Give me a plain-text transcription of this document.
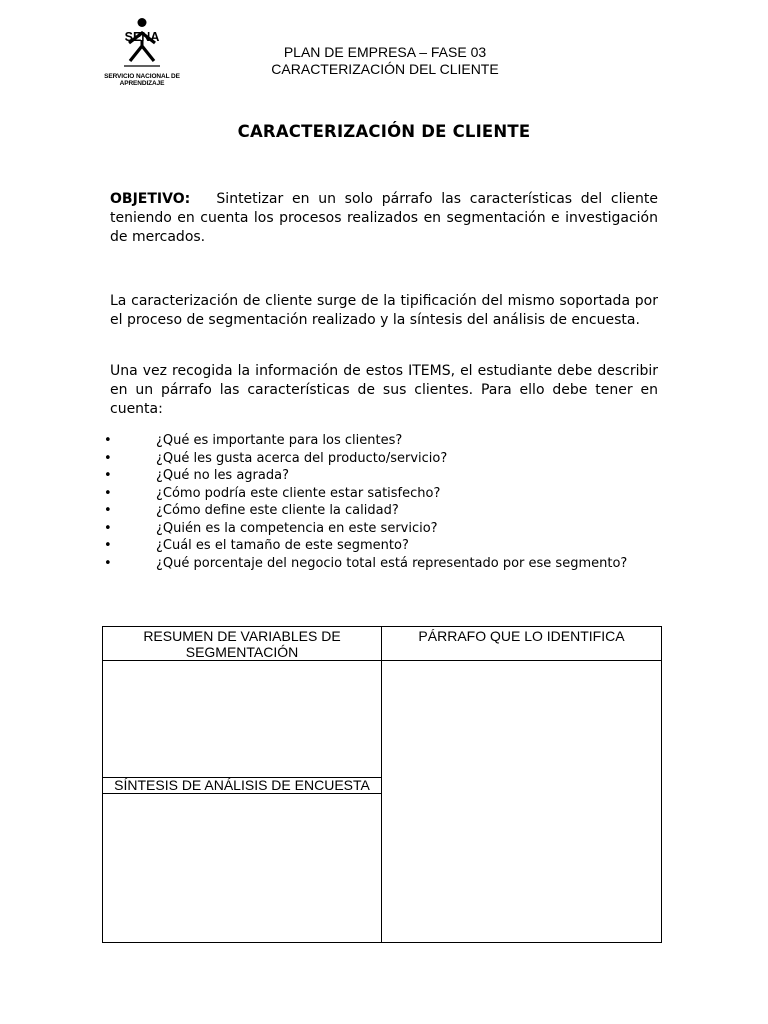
SENA
SERVICIO NACIONAL DE APRENDIZAJE
PLAN DE EMPRESA – FASE 03
CARACTERIZACIÓN DEL CLIENTE
CARACTERIZACIÓN DE CLIENTE

OBJETIVO: Sintetizar en un solo párrafo las características del cliente teniendo en cuenta los procesos realizados en segmentación e investigación de mercados.

La caracterización de cliente surge de la tipificación del mismo soportada por el proceso de segmentación realizado y la síntesis del análisis de encuesta.

Una vez recogida la información de estos ITEMS, el estudiante debe describir en un párrafo las características de sus clientes. Para ello debe tener en cuenta:

•	¿Qué es importante para los clientes?
•	¿Qué les gusta acerca del producto/servicio?
•	¿Qué no les agrada?
•	¿Cómo podría este cliente estar satisfecho?
•	¿Cómo define este cliente la calidad?
•	¿Quién es la competencia en este servicio?
•	¿Cuál es el tamaño de este segmento?
•	¿Qué porcentaje del negocio total está representado por ese segmento?
RESUMEN DE VARIABLES DE SEGMENTACIÓN	PÁRRAFO QUE LO IDENTIFICA

SÍNTESIS DE ANÁLISIS DE ENCUESTA	
